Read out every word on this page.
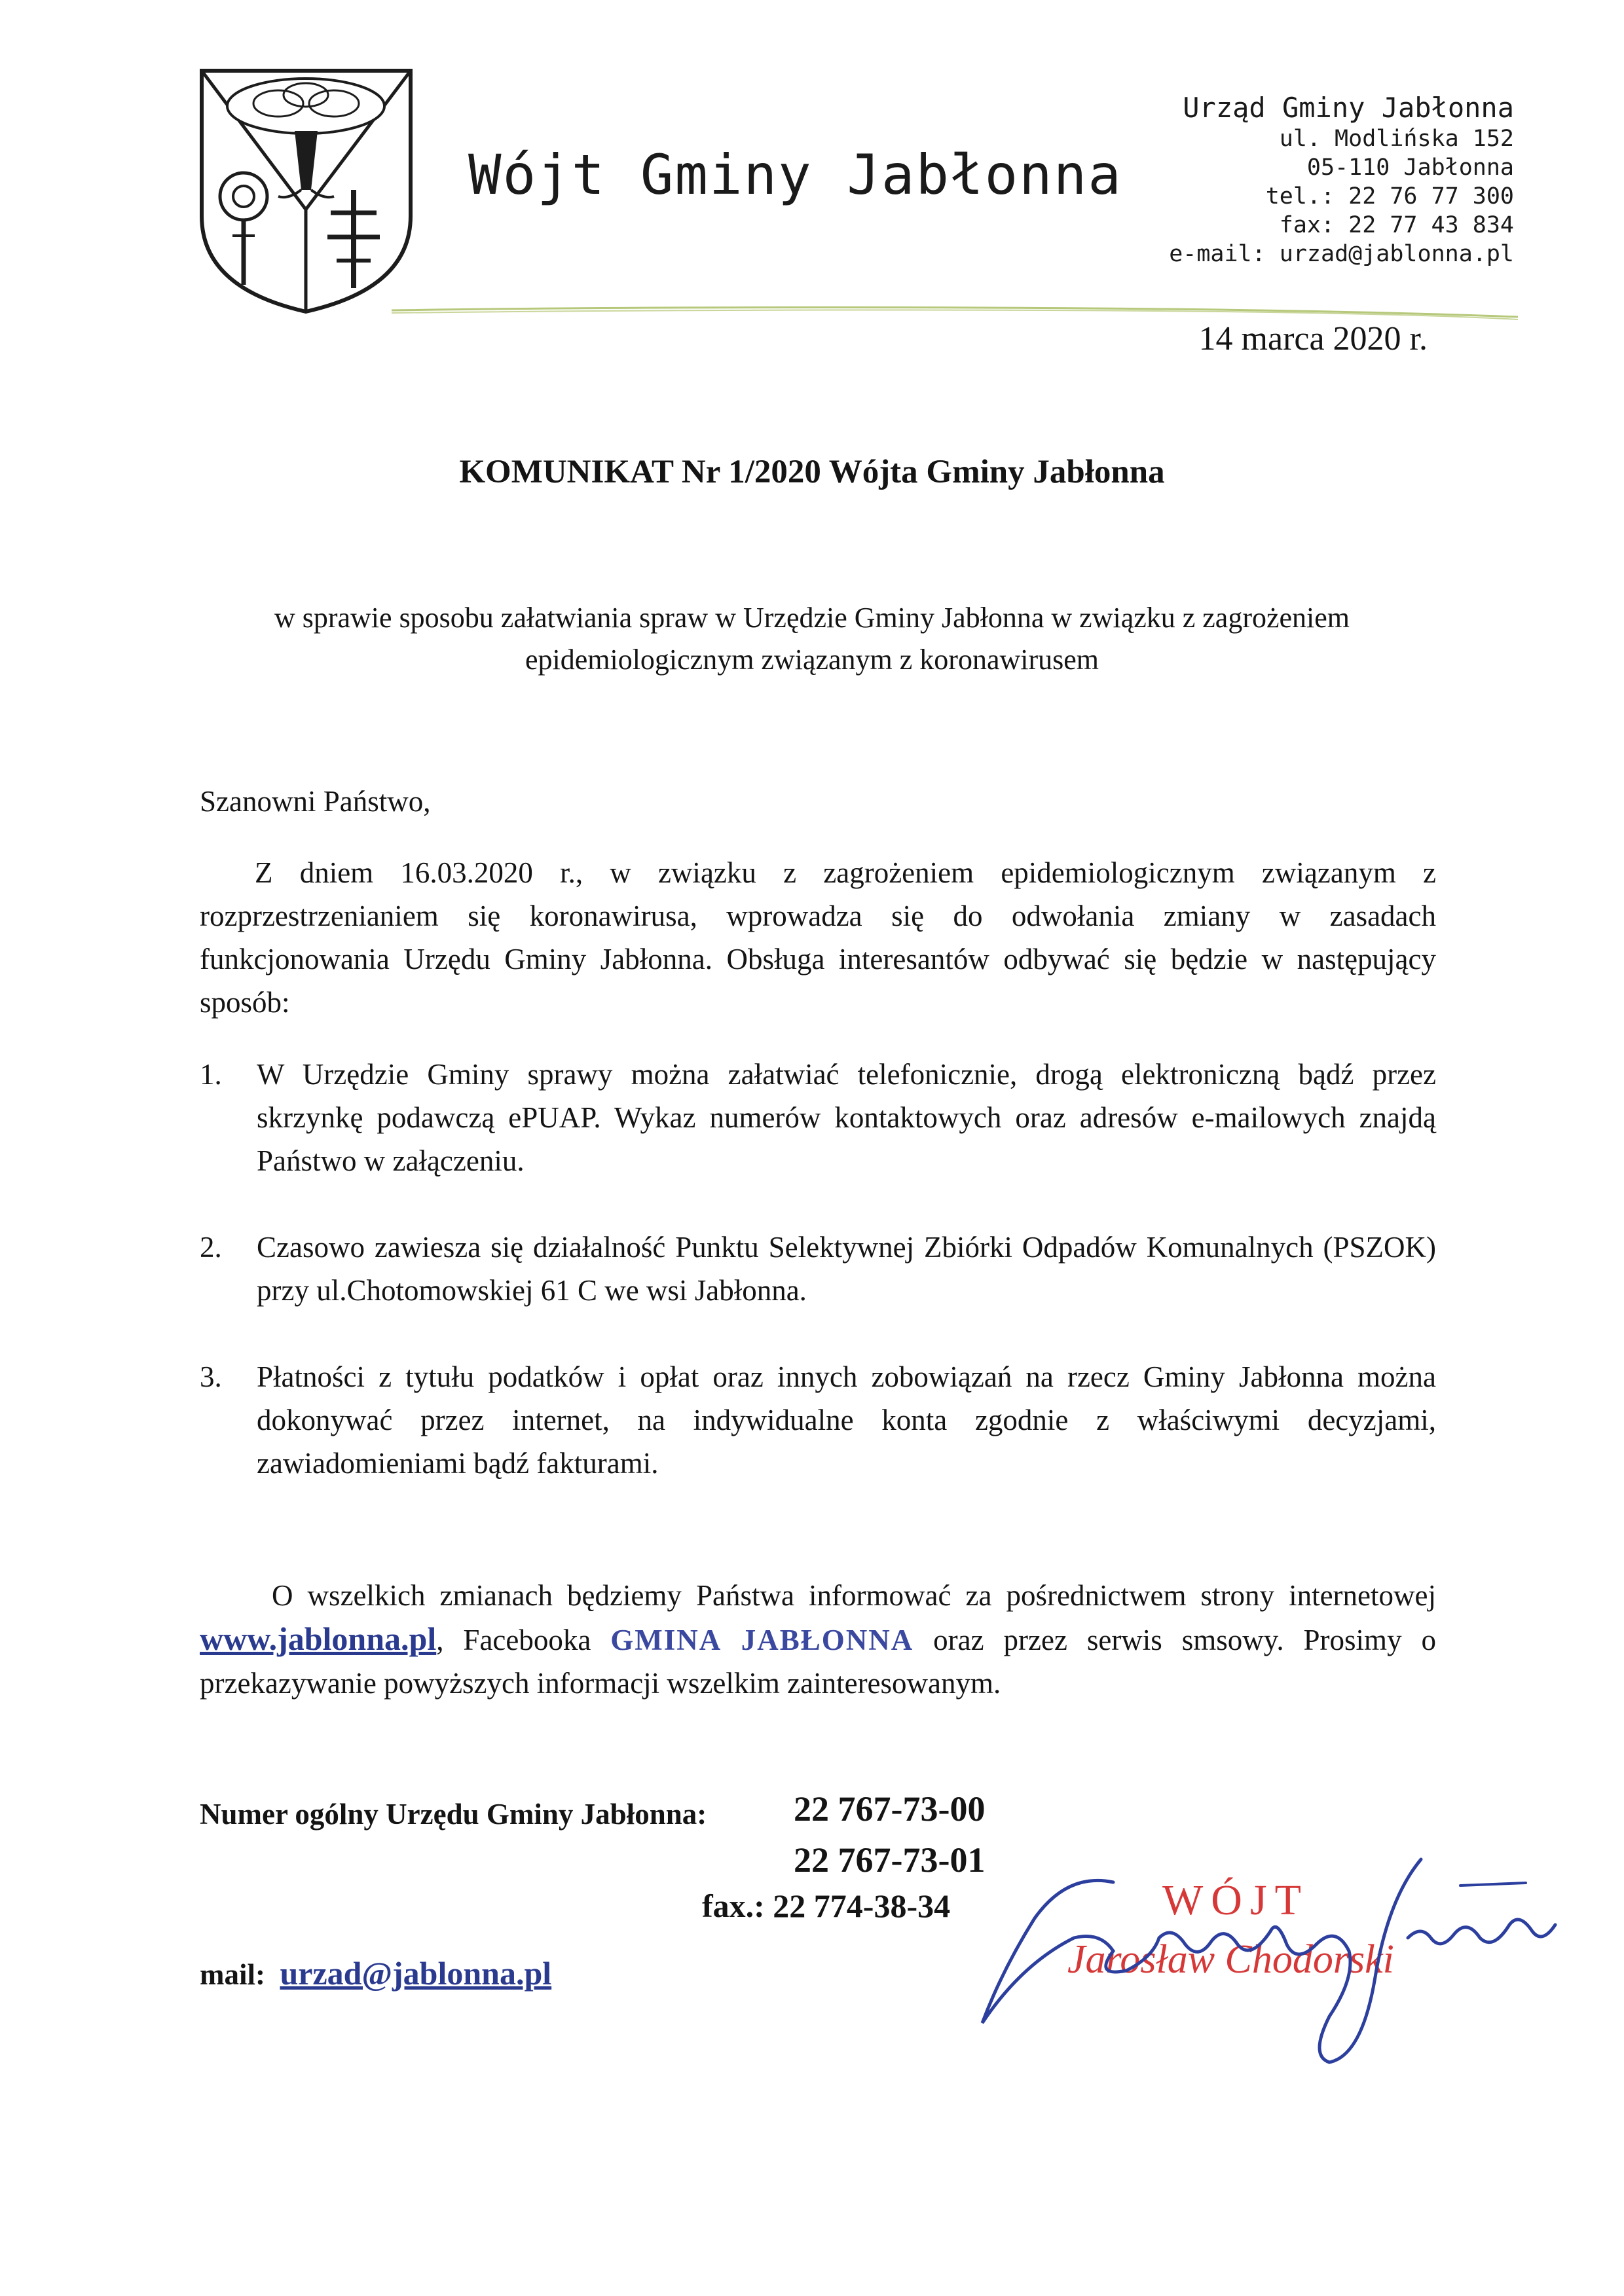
Wójt Gminy Jabłonna
Urząd Gminy Jabłonna
ul. Modlińska 152
05-110 Jabłonna
tel.: 22 76 77 300
fax: 22 77 43 834
e-mail: urzad@jablonna.pl
14 marca 2020 r.
KOMUNIKAT Nr 1/2020 Wójta Gminy Jabłonna
w sprawie sposobu załatwiania spraw w Urzędzie Gminy Jabłonna w związku z zagrożeniem epidemiologicznym związanym z koronawirusem
Szanowni Państwo,
Z dniem 16.03.2020 r., w związku z zagrożeniem epidemiologicznym związanym z rozprzestrzenianiem się koronawirusa, wprowadza się do odwołania zmiany w zasadach funkcjonowania Urzędu Gminy Jabłonna. Obsługa interesantów odbywać się będzie w następujący sposób:
1. W Urzędzie Gminy sprawy można załatwiać telefonicznie, drogą elektroniczną bądź przez skrzynkę podawczą ePUAP. Wykaz numerów kontaktowych oraz adresów e-mailowych znajdą Państwo w załączeniu.
2. Czasowo zawiesza się działalność Punktu Selektywnej Zbiórki Odpadów Komunalnych (PSZOK) przy ul.Chotomowskiej 61 C we wsi Jabłonna.
3. Płatności z tytułu podatków i opłat oraz innych zobowiązań na rzecz Gminy Jabłonna można dokonywać przez internet, na indywidualne konta zgodnie z właściwymi decyzjami, zawiadomieniami bądź fakturami.
O wszelkich zmianach będziemy Państwa informować za pośrednictwem strony internetowej www.jablonna.pl, Facebooka GMINA JABŁONNA oraz przez serwis smsowy. Prosimy o przekazywanie powyższych informacji wszelkim zainteresowanym.
Numer ogólny Urzędu Gminy Jabłonna: 22 767-73-00
22 767-73-01
fax.: 22 774-38-34
mail: urzad@jablonna.pl
WÓJT
Jarosław Chodorski
